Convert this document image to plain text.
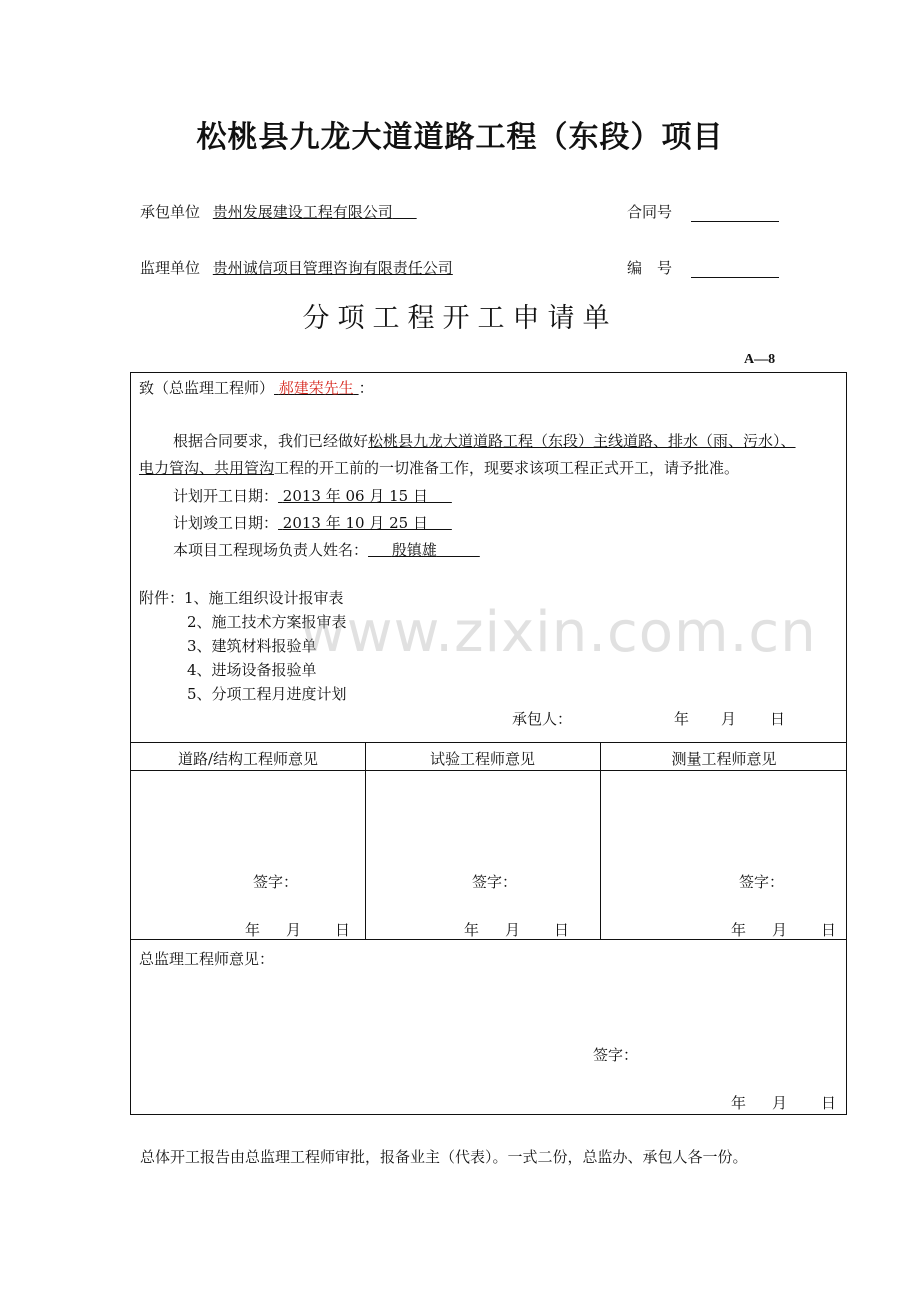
松桃县九龙大道道路工程（东段）项目
承包单位 贵州发展建设工程有限公司	合同号
监理单位 贵州诚信项目管理咨询有限责任公司	编　号
分项工程开工申请单
A—8
致（总监理工程师） 郝建荣先生 ：
根据合同要求，我们已经做好松桃县九龙大道道路工程（东段）主线道路、排水（雨、污水）、
电力管沟、共用管沟工程的开工前的一切准备工作，现要求该项工程正式开工，请予批准。
计划开工日期： 2013 年 06 月 15 日
计划竣工日期： 2013 年 10 月 25 日
本项目工程现场负责人姓名： 殷镇雄
附件：1、施工组织设计报审表
2、施工技术方案报审表
3、建筑材料报验单
4、进场设备报验单
5、分项工程月进度计划
承包人：	年 月 日
道路/结构工程师意见	试验工程师意见	测量工程师意见
签字：	签字：	签字：
年 月 日	年 月 日	年 月 日
总监理工程师意见：
签字：
年 月 日
www.zixin.com.cn
总体开工报告由总监理工程师审批，报备业主（代表）。一式二份，总监办、承包人各一份。
